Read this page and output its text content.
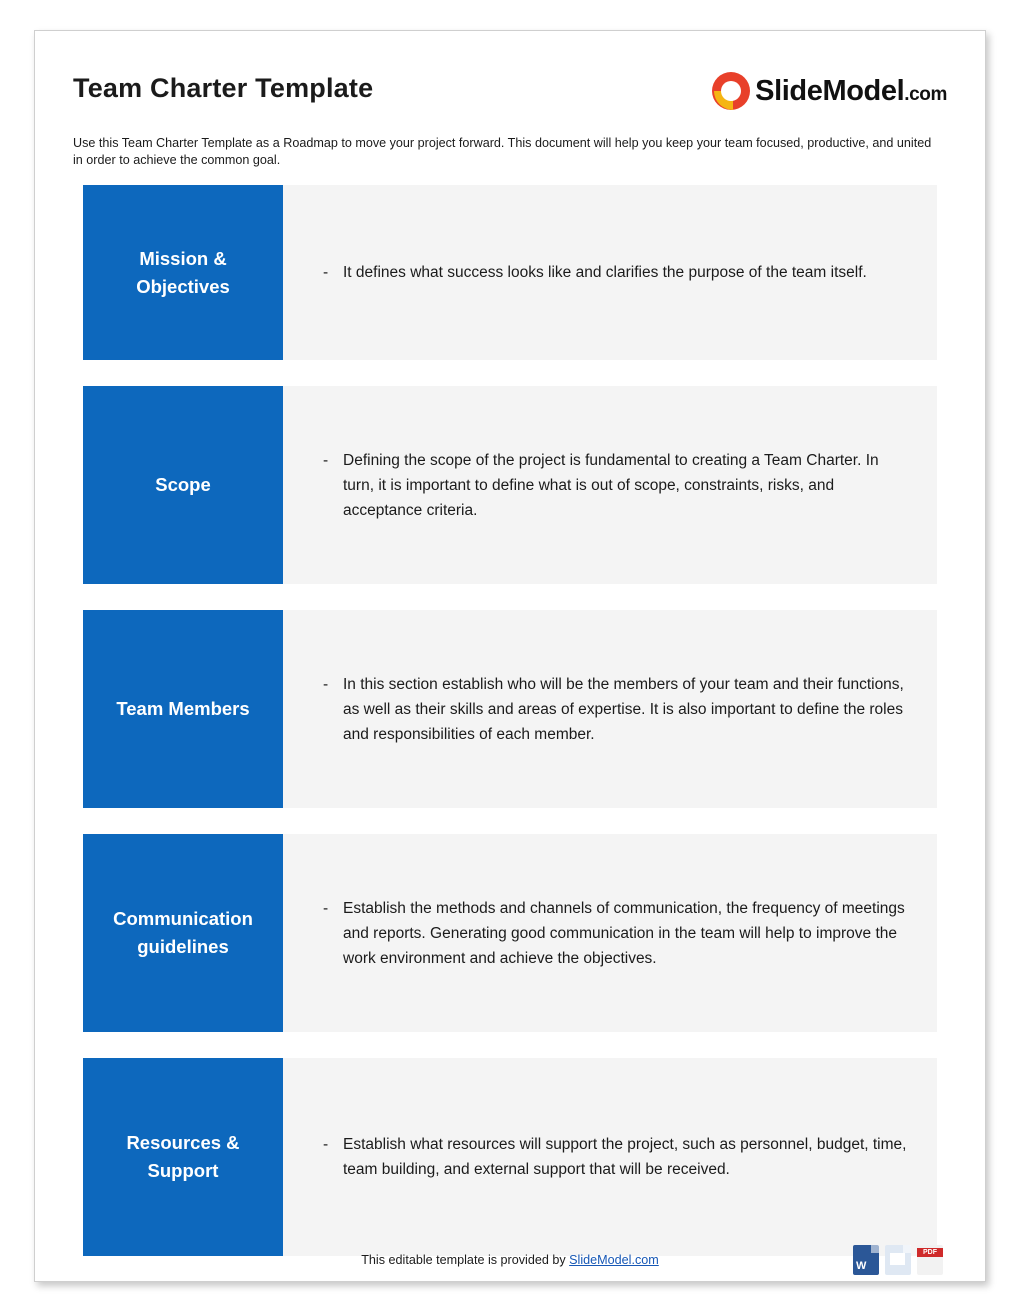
Team Charter Template	SlideModel.com
Use this Team Charter Template as a Roadmap to move your project forward. This document will help you keep your team focused, productive, and united in order to achieve the common goal.
Mission & Objectives
- It defines what success looks like and clarifies the purpose of the team itself.
Scope
- Defining the scope of the project is fundamental to creating a Team Charter. In turn, it is important to define what is out of scope, constraints, risks, and acceptance criteria.
Team Members
- In this section establish who will be the members of your team and their functions, as well as their skills and areas of expertise. It is also important to define the roles and responsibilities of each member.
Communication guidelines
- Establish the methods and channels of communication, the frequency of meetings and reports. Generating good communication in the team will help to improve the work environment and achieve the objectives.
Resources & Support
- Establish what resources will support the project, such as personnel, budget, time, team building, and external support that will be received.
This editable template is provided by SlideModel.com	W
PDF
